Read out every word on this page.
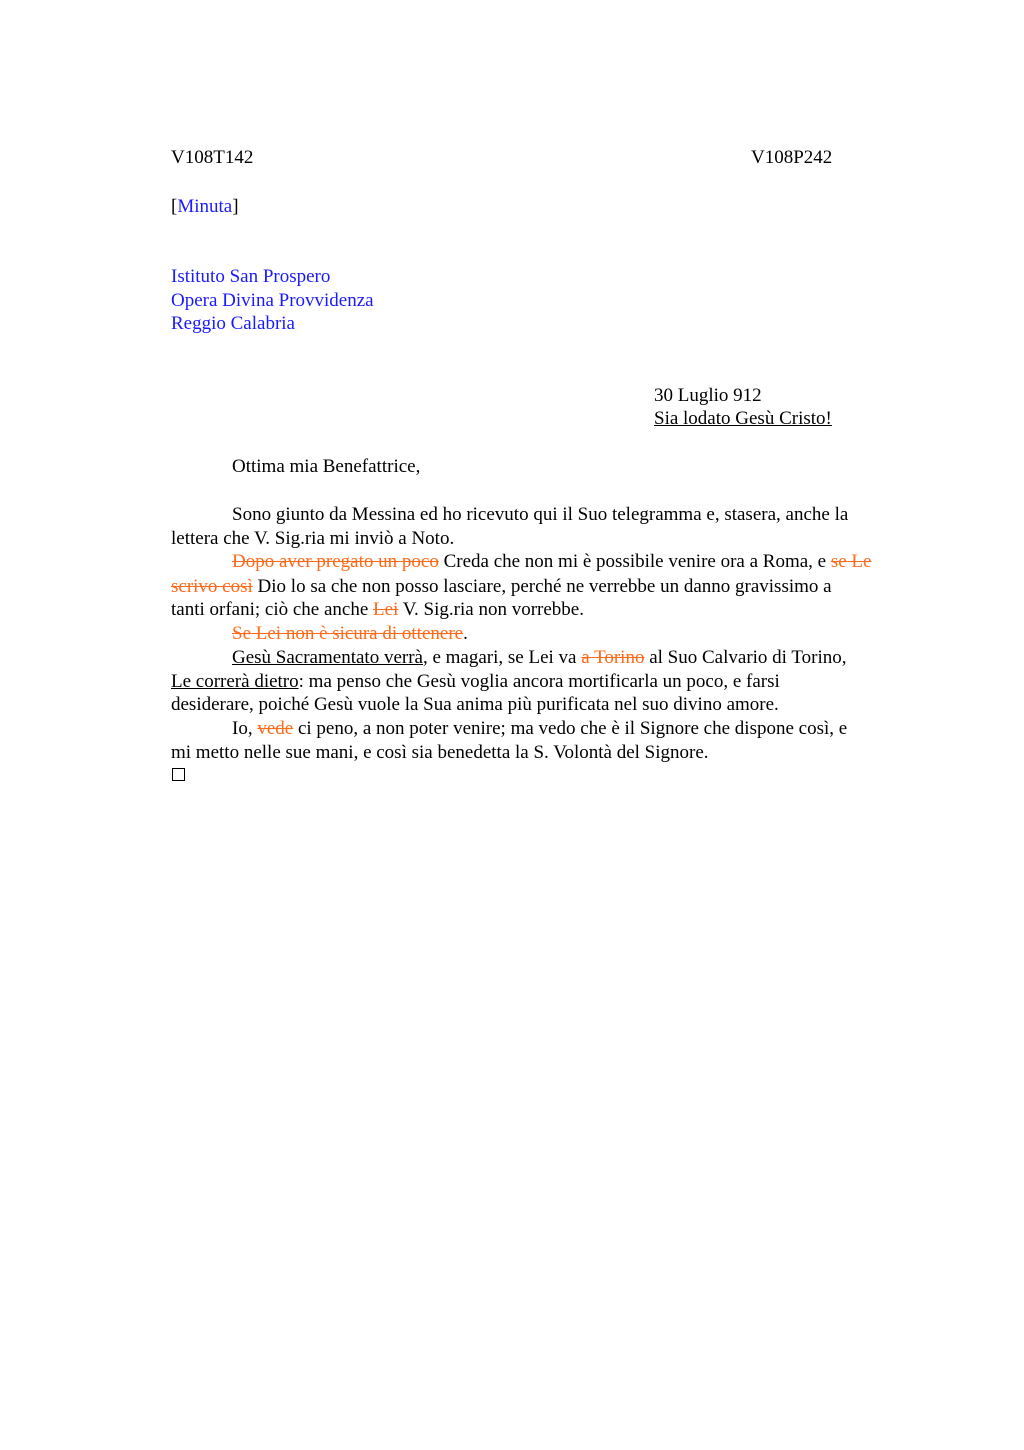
V108T142	V108P242
[Minuta]
Istituto San Prospero
Opera Divina Provvidenza
Reggio Calabria
30 Luglio 912
Sia lodato Gesù Cristo!
Ottima mia Benefattrice,
Sono giunto da Messina ed ho ricevuto qui il Suo telegramma e, stasera, anche la
lettera che V. Sig.ria mi inviò a Noto.
Dopo aver pregato un poco Creda che non mi è possibile venire ora a Roma, e se Le
scrivo così Dio lo sa che non posso lasciare, perché ne verrebbe un danno gravissimo a
tanti orfani; ciò che anche Lei V. Sig.ria non vorrebbe.
Se Lei non è sicura di ottenere.
Gesù Sacramentato verrà, e magari, se Lei va a Torino al Suo Calvario di Torino,
Le correrà dietro: ma penso che Gesù voglia ancora mortificarla un poco, e farsi
desiderare, poiché Gesù vuole la Sua anima più purificata nel suo divino amore.
Io, vede ci peno, a non poter venire; ma vedo che è il Signore che dispone così, e
mi metto nelle sue mani, e così sia benedetta la S. Volontà del Signore.
